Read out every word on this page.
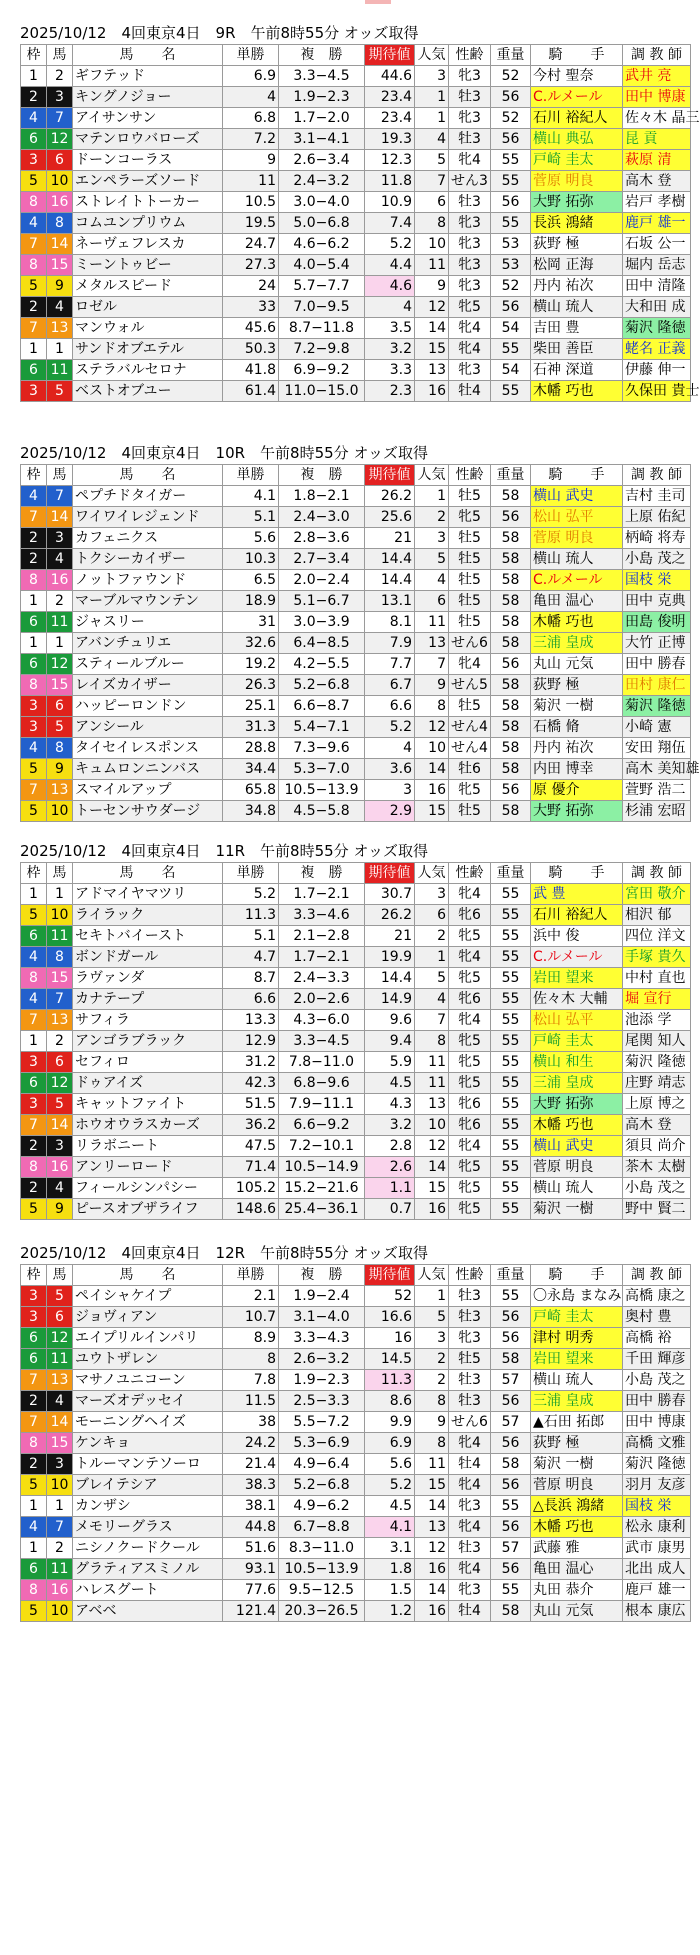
2025/10/12　4回東京4日　9R　午前8時55分 オッズ取得
枠	馬	馬　　名	単勝	複　勝	期待値	人気	性齢	重量	騎　　手	調 教 師
1	2	ギフテッド	6.9	3.3−4.5	44.6	3	牝3	52	今村 聖奈	武井 亮
2	3	キングノジョー	4	1.9−2.3	23.4	1	牡3	56	C.ルメール	田中 博康
4	7	アイサンサン	6.8	1.7−2.0	23.4	1	牝3	52	石川 裕紀人	佐々木 晶三
6	12	マテンロウバローズ	7.2	3.1−4.1	19.3	4	牡3	56	横山 典弘	昆 貢
3	6	ドーンコーラス	9	2.6−3.4	12.3	5	牝4	55	戸崎 圭太	萩原 清
5	10	エンペラーズソード	11	2.4−3.2	11.8	7	せん3	55	菅原 明良	高木 登
8	16	ストレイトトーカー	10.5	3.0−4.0	10.9	6	牡3	56	大野 拓弥	岩戸 孝樹
4	8	コムユンプリウム	19.5	5.0−6.8	7.4	8	牝3	55	長浜 鴻緒	鹿戸 雄一
7	14	ネーヴェフレスカ	24.7	4.6−6.2	5.2	10	牝3	53	荻野 極	石坂 公一
8	15	ミーントゥビー	27.3	4.0−5.4	4.4	11	牝3	53	松岡 正海	堀内 岳志
5	9	メタルスピード	24	5.7−7.7	4.6	9	牝3	52	丹内 祐次	田中 清隆
2	4	ロゼル	33	7.0−9.5	4	12	牝5	56	横山 琉人	大和田 成
7	13	マンウォル	45.6	8.7−11.8	3.5	14	牝4	54	吉田 豊	菊沢 隆徳
1	1	サンドオブエテル	50.3	7.2−9.8	3.2	15	牝4	55	柴田 善臣	蛯名 正義
6	11	ステラバルセロナ	41.8	6.9−9.2	3.3	13	牝3	54	石神 深道	伊藤 伸一
3	5	ベストオブユー	61.4	11.0−15.0	2.3	16	牡4	55	木幡 巧也	久保田 貴士
2025/10/12　4回東京4日　10R　午前8時55分 オッズ取得
枠	馬	馬　　名	単勝	複　勝	期待値	人気	性齢	重量	騎　　手	調 教 師
4	7	ペプチドタイガー	4.1	1.8−2.1	26.2	1	牡5	58	横山 武史	吉村 圭司
7	14	ワイワイレジェンド	5.1	2.4−3.0	25.6	2	牝5	56	松山 弘平	上原 佑紀
2	3	カフェニクス	5.6	2.8−3.6	21	3	牡5	58	菅原 明良	柄崎 将寿
2	4	トクシーカイザー	10.3	2.7−3.4	14.4	5	牡5	58	横山 琉人	小島 茂之
8	16	ノットファウンド	6.5	2.0−2.4	14.4	4	牡5	58	C.ルメール	国枝 栄
1	2	マーブルマウンテン	18.9	5.1−6.7	13.1	6	牡5	58	亀田 温心	田中 克典
6	11	ジャスリー	31	3.0−3.9	8.1	11	牡5	58	木幡 巧也	田島 俊明
1	1	アバンチュリエ	32.6	6.4−8.5	7.9	13	せん6	58	三浦 皇成	大竹 正博
6	12	スティールブルー	19.2	4.2−5.5	7.7	7	牝4	56	丸山 元気	田中 勝春
8	15	レイズカイザー	26.3	5.2−6.8	6.7	9	せん5	58	荻野 極	田村 康仁
3	6	ハッピーロンドン	25.1	6.6−8.7	6.6	8	牡5	58	菊沢 一樹	菊沢 隆徳
3	5	アンシール	31.3	5.4−7.1	5.2	12	せん4	58	石橋 脩	小崎 憲
4	8	タイセイレスポンス	28.8	7.3−9.6	4	10	せん4	58	丹内 祐次	安田 翔伍
5	9	キュムロンニンバス	34.4	5.3−7.0	3.6	14	牡6	58	内田 博幸	高木 美知雄
7	13	スマイルアップ	65.8	10.5−13.9	3	16	牝5	56	原 優介	萱野 浩二
5	10	トーセンサウダージ	34.8	4.5−5.8	2.9	15	牡5	58	大野 拓弥	杉浦 宏昭
2025/10/12　4回東京4日　11R　午前8時55分 オッズ取得
枠	馬	馬　　名	単勝	複　勝	期待値	人気	性齢	重量	騎　　手	調 教 師
1	1	アドマイヤマツリ	5.2	1.7−2.1	30.7	3	牝4	55	武 豊	宮田 敬介
5	10	ライラック	11.3	3.3−4.6	26.2	6	牝6	55	石川 裕紀人	相沢 郁
6	11	セキトバイースト	5.1	2.1−2.8	21	2	牝5	55	浜中 俊	四位 洋文
4	8	ボンドガール	4.7	1.7−2.1	19.9	1	牝4	55	C.ルメール	手塚 貴久
8	15	ラヴァンダ	8.7	2.4−3.3	14.4	5	牝5	55	岩田 望来	中村 直也
4	7	カナテープ	6.6	2.0−2.6	14.9	4	牝6	55	佐々木 大輔	堀 宣行
7	13	サフィラ	13.3	4.3−6.0	9.6	7	牝4	55	松山 弘平	池添 学
1	2	アンゴラブラック	12.9	3.3−4.5	9.4	8	牝5	55	戸崎 圭太	尾関 知人
3	6	セフィロ	31.2	7.8−11.0	5.9	11	牝5	55	横山 和生	菊沢 隆徳
6	12	ドゥアイズ	42.3	6.8−9.6	4.5	11	牝5	55	三浦 皇成	庄野 靖志
3	5	キャットファイト	51.5	7.9−11.1	4.3	13	牝6	55	大野 拓弥	上原 博之
7	14	ホウオウラスカーズ	36.2	6.6−9.2	3.2	10	牝6	55	木幡 巧也	高木 登
2	3	リラボニート	47.5	7.2−10.1	2.8	12	牝4	55	横山 武史	須貝 尚介
8	16	アンリーロード	71.4	10.5−14.9	2.6	14	牝5	55	菅原 明良	茶木 太樹
2	4	フィールシンパシー	105.2	15.2−21.6	1.1	15	牝5	55	横山 琉人	小島 茂之
5	9	ピースオブザライフ	148.6	25.4−36.1	0.7	16	牝5	55	菊沢 一樹	野中 賢二
2025/10/12　4回東京4日　12R　午前8時55分 オッズ取得
枠	馬	馬　　名	単勝	複　勝	期待値	人気	性齢	重量	騎　　手	調 教 師
3	5	ペイシャケイプ	2.1	1.9−2.4	52	1	牡3	55	〇永島 まなみ	高橋 康之
3	6	ジョヴィアン	10.7	3.1−4.0	16.6	5	牡3	56	戸崎 圭太	奥村 豊
6	12	エイプリルインパリ	8.9	3.3−4.3	16	3	牝3	56	津村 明秀	高橋 裕
6	11	ユウトザレン	8	2.6−3.2	14.5	2	牡5	58	岩田 望来	千田 輝彦
7	13	マサノユニコーン	7.8	1.9−2.3	11.3	2	牡3	57	横山 琉人	小島 茂之
2	4	マーズオデッセイ	11.5	2.5−3.3	8.6	8	牡3	56	三浦 皇成	田中 勝春
7	14	モーニングヘイズ	38	5.5−7.2	9.9	9	せん6	57	▲石田 拓郎	田中 博康
8	15	ケンキョ	24.2	5.3−6.9	6.9	8	牝4	56	荻野 極	高橋 文雅
2	3	トルーマンテソーロ	21.4	4.9−6.4	5.6	11	牡4	58	菊沢 一樹	菊沢 隆徳
5	10	ブレイテシア	38.3	5.2−6.8	5.2	15	牝4	56	菅原 明良	羽月 友彦
1	1	カンザシ	38.1	4.9−6.2	4.5	14	牝3	55	△長浜 鴻緒	国枝 栄
4	7	メモリーグラス	44.8	6.7−8.8	4.1	13	牝4	56	木幡 巧也	松永 康利
1	2	ニシノクードクール	51.6	8.3−11.0	3.1	12	牡3	57	武藤 雅	武市 康男
6	11	グラティアスミノル	93.1	10.5−13.9	1.8	16	牝4	56	亀田 温心	北出 成人
8	16	ハレスグート	77.6	9.5−12.5	1.5	14	牝3	55	丸田 恭介	鹿戸 雄一
5	10	アベベ	121.4	20.3−26.5	1.2	16	牡4	58	丸山 元気	根本 康広
